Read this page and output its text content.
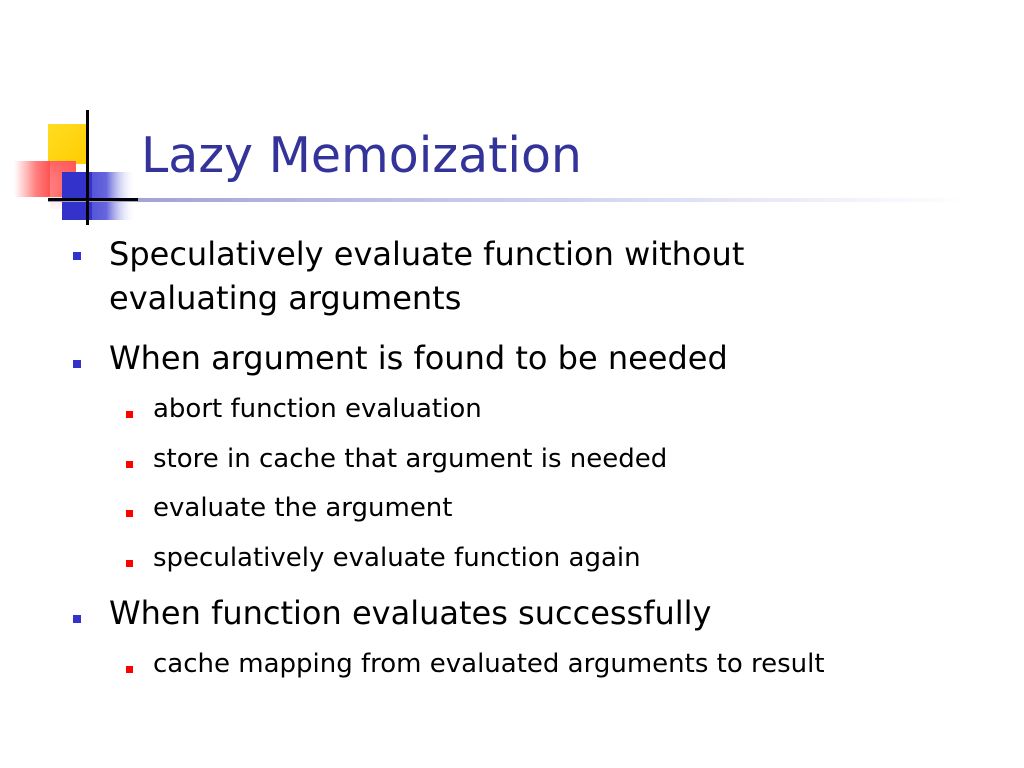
Lazy Memoization
Speculatively evaluate function without
evaluating arguments
When argument is found to be needed
abort function evaluation
store in cache that argument is needed
evaluate the argument
speculatively evaluate function again
When function evaluates successfully
cache mapping from evaluated arguments to result
